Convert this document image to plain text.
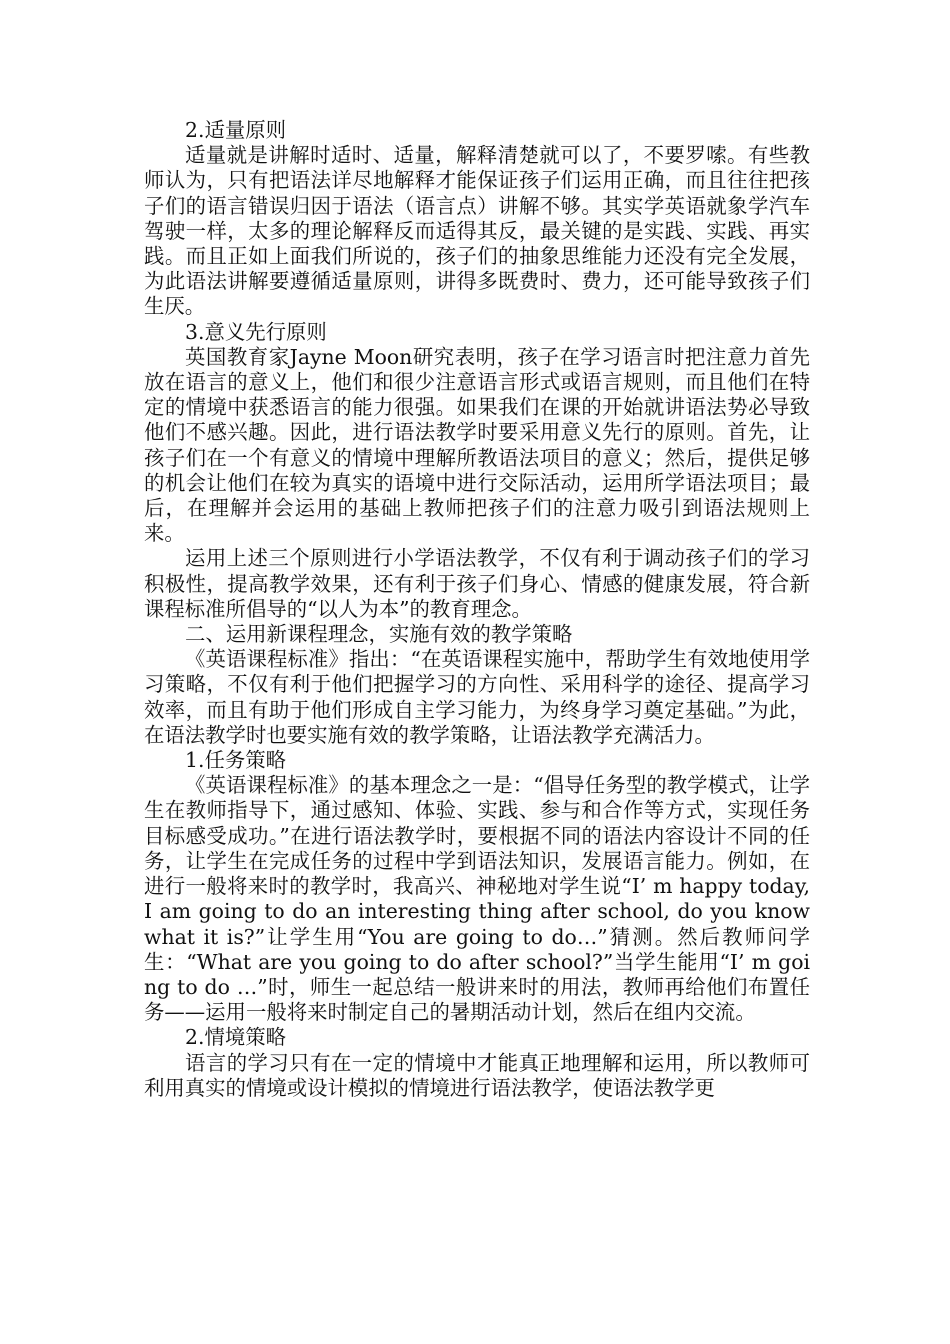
2.适量原则

适量就是讲解时适时、适量，解释清楚就可以了，不要罗嗦。有些教师认为，只有把语法详尽地解释才能保证孩子们运用正确，而且往往把孩子们的语言错误归因于语法（语言点）讲解不够。其实学英语就象学汽车驾驶一样，太多的理论解释反而适得其反，最关键的是实践、实践、再实践。而且正如上面我们所说的，孩子们的抽象思维能力还没有完全发展，为此语法讲解要遵循适量原则，讲得多既费时、费力，还可能导致孩子们生厌。

3.意义先行原则

英国教育家Jayne Moon研究表明，孩子在学习语言时把注意力首先放在语言的意义上，他们和很少注意语言形式或语言规则，而且他们在特定的情境中获悉语言的能力很强。如果我们在课的开始就讲语法势必导致他们不感兴趣。因此，进行语法教学时要采用意义先行的原则。首先，让孩子们在一个有意义的情境中理解所教语法项目的意义；然后，提供足够的机会让他们在较为真实的语境中进行交际活动，运用所学语法项目；最后，在理解并会运用的基础上教师把孩子们的注意力吸引到语法规则上来。

运用上述三个原则进行小学语法教学，不仅有利于调动孩子们的学习积极性，提高教学效果，还有利于孩子们身心、情感的健康发展，符合新课程标准所倡导的“以人为本”的教育理念。

二、运用新课程理念，实施有效的教学策略

《英语课程标准》指出：“在英语课程实施中，帮助学生有效地使用学习策略，不仅有利于他们把握学习的方向性、采用科学的途径、提高学习效率，而且有助于他们形成自主学习能力，为终身学习奠定基础。”为此，在语法教学时也要实施有效的教学策略，让语法教学充满活力。

1.任务策略

《英语课程标准》的基本理念之一是：“倡导任务型的教学模式，让学生在教师指导下，通过感知、体验、实践、参与和合作等方式，实现任务目标感受成功。”在进行语法教学时，要根据不同的语法内容设计不同的任务，让学生在完成任务的过程中学到语法知识，发展语言能力。例如，在进行一般将来时的教学时，我高兴、神秘地对学生说“I’ m happy today, I am going to do an interesting thing after school, do you know what it is?”让学生用“You are going to do…”猜测。然后教师问学生：“What are you going to do after school?”当学生能用“I’ m going to do …”时，师生一起总结一般讲来时的用法，教师再给他们布置任务——运用一般将来时制定自己的暑期活动计划，然后在组内交流。

2.情境策略

语言的学习只有在一定的情境中才能真正地理解和运用，所以教师可利用真实的情境或设计模拟的情境进行语法教学，使语法教学更
